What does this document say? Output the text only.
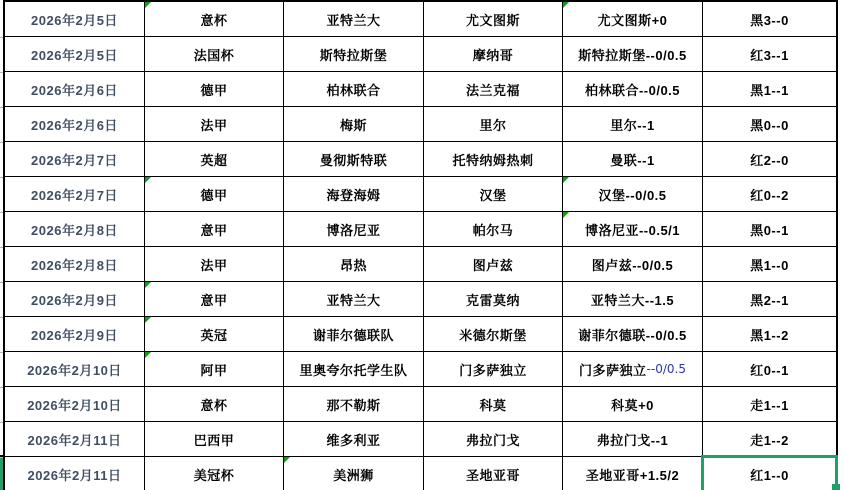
2026年2月5日	意杯	亚特兰大	尤文图斯	尤文图斯+0	黑3--0
2026年2月5日	法国杯	斯特拉斯堡	摩纳哥	斯特拉斯堡--0/0.5	红3--1
2026年2月6日	德甲	柏林联合	法兰克福	柏林联合--0/0.5	黑1--1
2026年2月6日	法甲	梅斯	里尔	里尔--1	黑0--0
2026年2月7日	英超	曼彻斯特联	托特纳姆热刺	曼联--1	红2--0
2026年2月7日	德甲	海登海姆	汉堡	汉堡--0/0.5	红0--2
2026年2月8日	意甲	博洛尼亚	帕尔马	博洛尼亚--0.5/1	黑0--1
2026年2月8日	法甲	昂热	图卢兹	图卢兹--0/0.5	黑1--0
2026年2月9日	意甲	亚特兰大	克雷莫纳	亚特兰大--1.5	黑2--1
2026年2月9日	英冠	谢菲尔德联队	米德尔斯堡	谢菲尔德联--0/0.5	黑1--2
2026年2月10日	阿甲	里奥夸尔托学生队	门多萨独立	门多萨独立 --0/0.5	红0--1
2026年2月10日	意杯	那不勒斯	科莫	科莫+0	走1--1
2026年2月11日	巴西甲	维多利亚	弗拉门戈	弗拉门戈--1	走1--2
2026年2月11日	美冠杯	美洲狮	圣地亚哥	圣地亚哥+1.5/2	红1--0
